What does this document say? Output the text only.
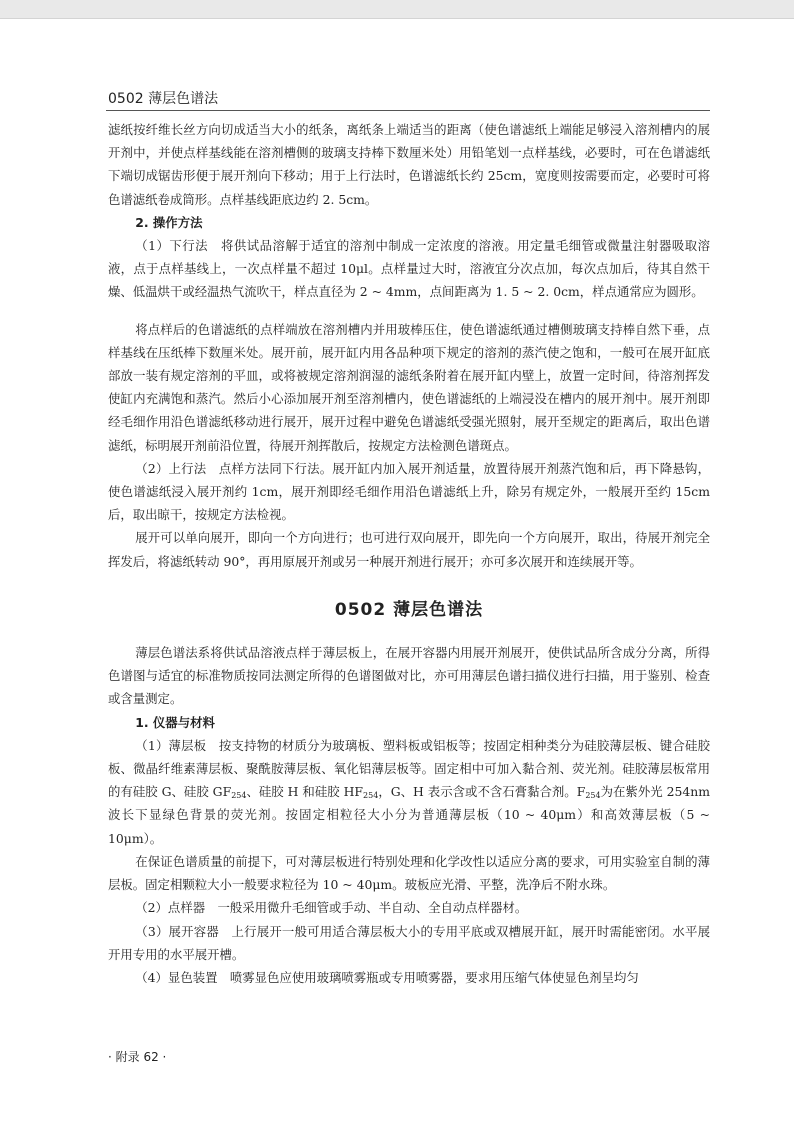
0502 薄层色谱法

滤纸按纤维长丝方向切成适当大小的纸条，离纸条上端适当的距离（使色谱滤纸上端能足够浸入溶剂槽内的展开剂中，并使点样基线能在溶剂槽侧的玻璃支持棒下数厘米处）用铅笔划一点样基线，必要时，可在色谱滤纸下端切成锯齿形便于展开剂向下移动；用于上行法时，色谱滤纸长约 25cm，宽度则按需要而定，必要时可将色谱滤纸卷成筒形。点样基线距底边约 2. 5cm。

2. 操作方法

（1）下行法　将供试品溶解于适宜的溶剂中制成一定浓度的溶液。用定量毛细管或微量注射器吸取溶液，点于点样基线上，一次点样量不超过 10μl。点样量过大时，溶液宜分次点加，每次点加后，待其自然干燥、低温烘干或经温热气流吹干，样点直径为 2 ~ 4mm，点间距离为 1. 5 ~ 2. 0cm，样点通常应为圆形。

将点样后的色谱滤纸的点样端放在溶剂槽内并用玻棒压住，使色谱滤纸通过槽侧玻璃支持棒自然下垂，点样基线在压纸棒下数厘米处。展开前，展开缸内用各品种项下规定的溶剂的蒸汽使之饱和，一般可在展开缸底部放一装有规定溶剂的平皿，或将被规定溶剂润湿的滤纸条附着在展开缸内壁上，放置一定时间，待溶剂挥发使缸内充满饱和蒸汽。然后小心添加展开剂至溶剂槽内，使色谱滤纸的上端浸没在槽内的展开剂中。展开剂即经毛细作用沿色谱滤纸移动进行展开，展开过程中避免色谱滤纸受强光照射，展开至规定的距离后，取出色谱滤纸，标明展开剂前沿位置，待展开剂挥散后，按规定方法检测色谱斑点。

（2）上行法　点样方法同下行法。展开缸内加入展开剂适量，放置待展开剂蒸汽饱和后，再下降悬钩，使色谱滤纸浸入展开剂约 1cm，展开剂即经毛细作用沿色谱滤纸上升，除另有规定外，一般展开至约 15cm 后，取出晾干，按规定方法检视。

展开可以单向展开，即向一个方向进行；也可进行双向展开，即先向一个方向展开，取出，待展开剂完全挥发后，将滤纸转动 90°，再用原展开剂或另一种展开剂进行展开；亦可多次展开和连续展开等。

0502 薄层色谱法

薄层色谱法系将供试品溶液点样于薄层板上，在展开容器内用展开剂展开，使供试品所含成分分离，所得色谱图与适宜的标准物质按同法测定所得的色谱图做对比，亦可用薄层色谱扫描仪进行扫描，用于鉴别、检查或含量测定。

1. 仪器与材料

（1）薄层板　按支持物的材质分为玻璃板、塑料板或铝板等；按固定相种类分为硅胶薄层板、键合硅胶板、微晶纤维素薄层板、聚酰胺薄层板、氧化铝薄层板等。固定相中可加入黏合剂、荧光剂。硅胶薄层板常用的有硅胶 G、硅胶 $GF_{254}$、硅胶 H 和硅胶 $HF_{254}$，G、H 表示含或不含石膏黏合剂。$F_{254}$为在紫外光 254nm 波长下显绿色背景的荧光剂。按固定相粒径大小分为普通薄层板（10 ~ 40μm）和高效薄层板（5 ~ 10μm）。

在保证色谱质量的前提下，可对薄层板进行特别处理和化学改性以适应分离的要求，可用实验室自制的薄层板。固定相颗粒大小一般要求粒径为 10 ~ 40μm。玻板应光滑、平整，洗净后不附水珠。

（2）点样器　一般采用微升毛细管或手动、半自动、全自动点样器材。

（3）展开容器　上行展开一般可用适合薄层板大小的专用平底或双槽展开缸，展开时需能密闭。水平展开用专用的水平展开槽。

（4）显色装置　喷雾显色应使用玻璃喷雾瓶或专用喷雾器，要求用压缩气体使显色剂呈均匀

· 附录 62 ·
